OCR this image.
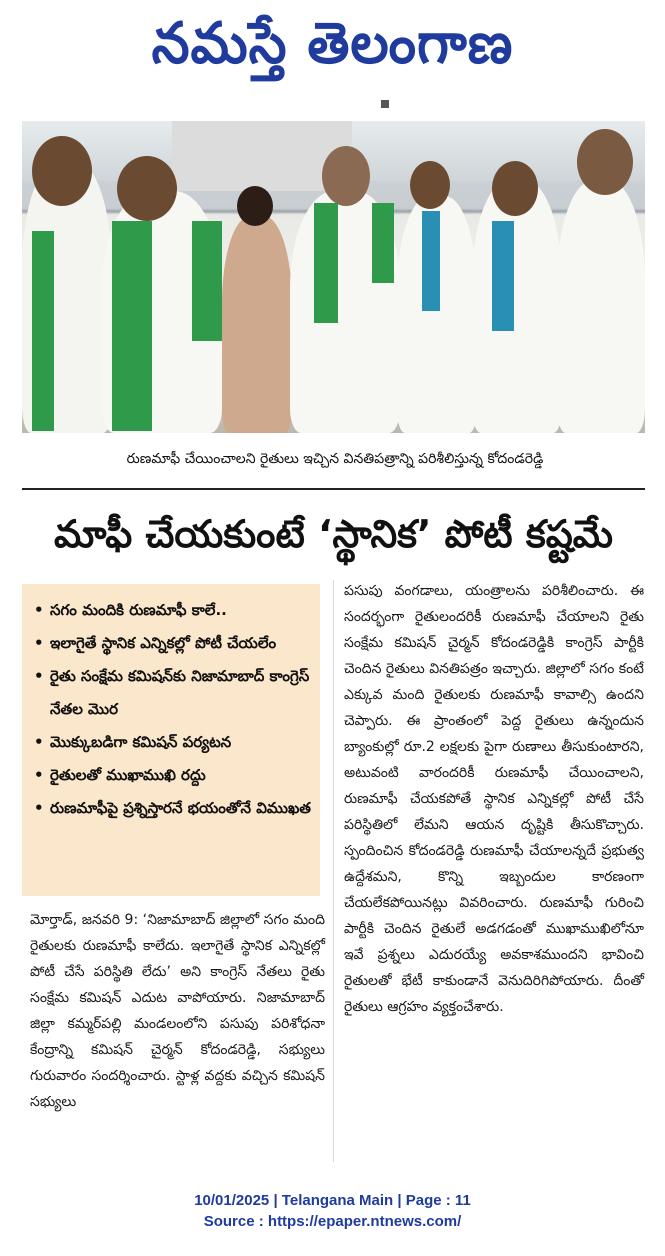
నమస్తే తెలంగాణ
రుణమాఫీ చేయించాలని రైతులు ఇచ్చిన వినతిపత్రాన్ని పరిశీలిస్తున్న కోదండరెడ్డి
మాఫీ చేయకుంటే ‘స్థానిక’ పోటీ కష్టమే
• సగం మందికి రుణమాఫీ కాలే..
• ఇలాగైతే స్థానిక ఎన్నికల్లో పోటీ చేయలేం
• రైతు సంక్షేమ కమిషన్‌కు నిజామాబాద్ కాంగ్రెస్ నేతల మొర
• మొక్కుబడిగా కమిషన్ పర్యటన
• రైతులతో ముఖాముఖి రద్దు
• రుణమాఫీపై ప్రశ్నిస్తారనే భయంతోనే విముఖత

మోర్తాడ్, జనవరి 9: ‘నిజామాబాద్ జిల్లాలో సగం మంది రైతులకు రుణమాఫీ కాలేదు. ఇలాగైతే స్థానిక ఎన్నికల్లో పోటీ చేసే పరిస్థితి లేదు’ అని కాంగ్రెస్ నేతలు రైతు సంక్షేమ కమిషన్ ఎదుట వాపోయారు. నిజామాబాద్ జిల్లా కమ్మర్‌పల్లి మండలంలోని పసుపు పరిశోధనా కేంద్రాన్ని కమిషన్ చైర్మన్ కోదండరెడ్డి, సభ్యులు గురువారం సందర్శించారు. స్టాళ్ల వద్దకు వచ్చిన కమిషన్ సభ్యులు

పసుపు వంగడాలు, యంత్రాలను పరిశీలించారు. ఈ సందర్భంగా రైతులందరికీ రుణమాఫీ చేయాలని రైతు సంక్షేమ కమిషన్ చైర్మన్ కోదండరెడ్డికి కాంగ్రెస్ పార్టీకి చెందిన రైతులు వినతిపత్రం ఇచ్చారు. జిల్లాలో సగం కంటే ఎక్కువ మంది రైతులకు రుణమాఫీ కావాల్సి ఉందని చెప్పారు. ఈ ప్రాంతంలో పెద్ద రైతులు ఉన్నందున బ్యాంకుల్లో రూ.2 లక్షలకు పైగా రుణాలు తీసుకుంటారని, అటువంటి వారందరికీ రుణమాఫీ చేయించాలని, రుణమాఫీ చేయకపోతే స్థానిక ఎన్నికల్లో పోటీ చేసే పరిస్థితిలో లేమని ఆయన దృష్టికి తీసుకొచ్చారు. స్పందించిన కోదండరెడ్డి రుణమాఫీ చేయాలన్నదే ప్రభుత్వ ఉద్దేశమని, కొన్ని ఇబ్బందుల కారణంగా చేయలేకపోయినట్లు వివరించారు. రుణమాఫీ గురించి పార్టీకి చెందిన రైతులే అడగడంతో ముఖాముఖిలోనూ ఇవే ప్రశ్నలు ఎదురయ్యే అవకాశముందని భావించి రైతులతో భేటీ కాకుండానే వెనుదిరిగిపోయారు. దీంతో రైతులు ఆగ్రహం వ్యక్తంచేశారు.

10/01/2025 | Telangana Main | Page : 11
Source : https://epaper.ntnews.com/
